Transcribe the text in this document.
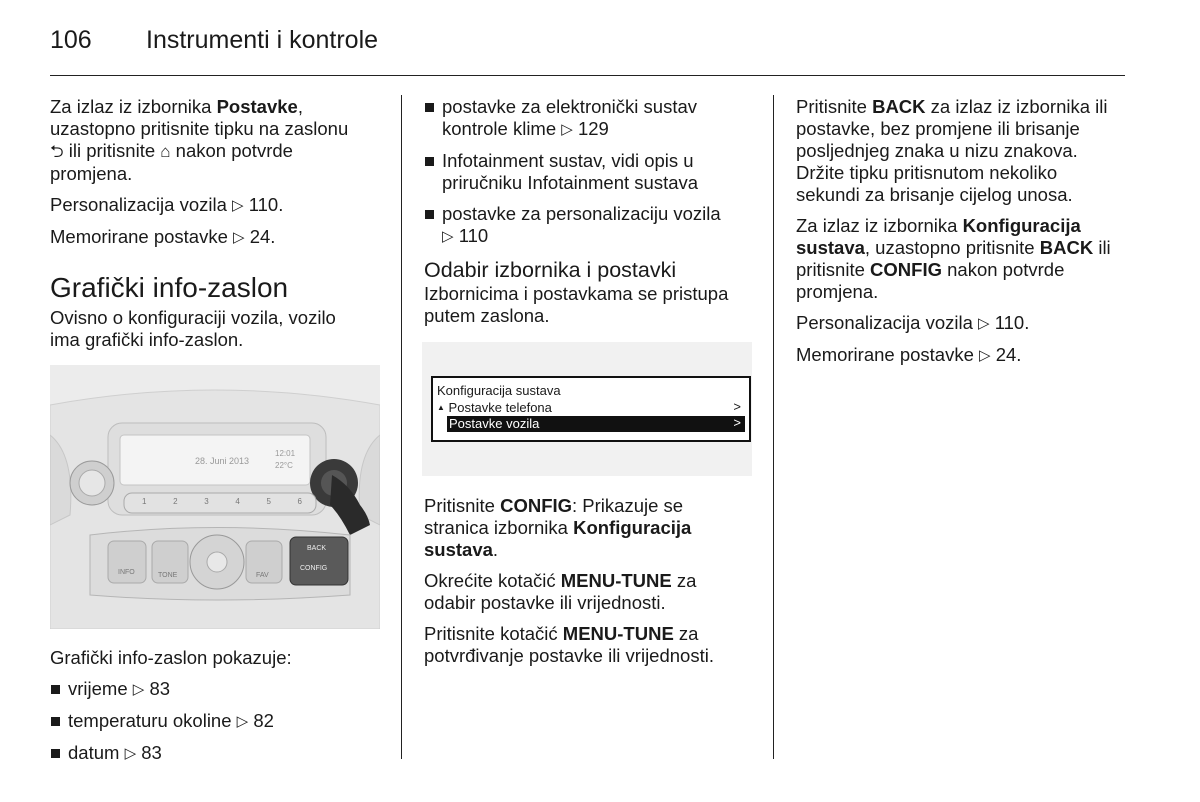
106 Instrumenti i kontrole

Za izlaz iz izbornika Postavke,
uzastopno pritisnite tipku na zaslonu
⮌ ili pritisnite ⌂ nakon potvrde
promjena.

Personalizacija vozila ▷ 110.

Memorirane postavke ▷ 24.

Grafički info-zaslon

Ovisno o konfiguraciji vozila, vozilo
ima grafički info-zaslon.

28. Juni 2013
12:01
22°C
1	2	3	4	5	6
INFO	TONE	FAV
BACK
CONFIG

Grafički info-zaslon pokazuje:

vrijeme ▷ 83
temperaturu okoline ▷ 82
datum ▷ 83
postavke za elektronički sustav
kontrole klime ▷ 129
Infotainment sustav, vidi opis u
priručniku Infotainment sustava
postavke za personalizaciju vozila
▷ 110
Odabir izbornika i postavki

Izbornicima i postavkama se pristupa
putem zaslona.

Konfiguracija sustava
▲ Postavke telefona	>
Postavke vozila	>

Pritisnite CONFIG: Prikazuje se
stranica izbornika Konfiguracija
sustava.

Okrećite kotačić MENU-TUNE za
odabir postavke ili vrijednosti.

Pritisnite kotačić MENU-TUNE za
potvrđivanje postavke ili vrijednosti.

Pritisnite BACK za izlaz iz izbornika ili
postavke, bez promjene ili brisanje
posljednjeg znaka u nizu znakova.
Držite tipku pritisnutom nekoliko
sekundi za brisanje cijelog unosa.

Za izlaz iz izbornika Konfiguracija
sustava, uzastopno pritisnite BACK ili
pritisnite CONFIG nakon potvrde
promjena.

Personalizacija vozila ▷ 110.

Memorirane postavke ▷ 24.
